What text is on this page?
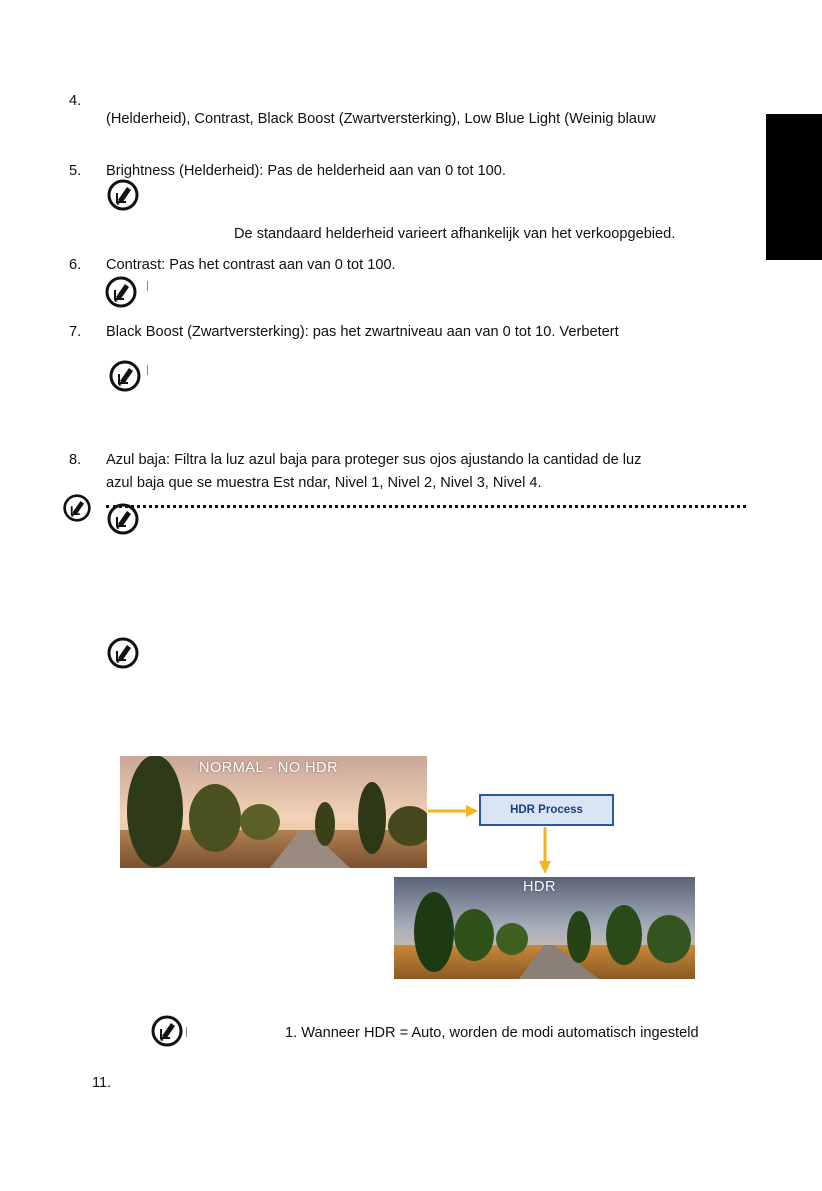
4.
(Helderheid), Contrast, Black Boost (Zwartversterking), Low Blue Light (Weinig blauw
5. Brightness (Helderheid): Pas de helderheid aan van 0 tot 100.
De standaard helderheid varieert afhankelijk van het verkoopgebied.
6. Contrast: Pas het contrast aan van 0 tot 100.
7. Black Boost (Zwartversterking): pas het zwartniveau aan van 0 tot 10. Verbetert
8. Azul baja: Filtra la luz azul baja para proteger sus ojos ajustando la cantidad de luz
azul baja que se muestra Est ndar, Nivel 1, Nivel 2, Nivel 3, Nivel 4.
NORMAL - NO HDR
HDR Process
HDR
1. Wanneer HDR = Auto, worden de modi automatisch ingesteld
11.
